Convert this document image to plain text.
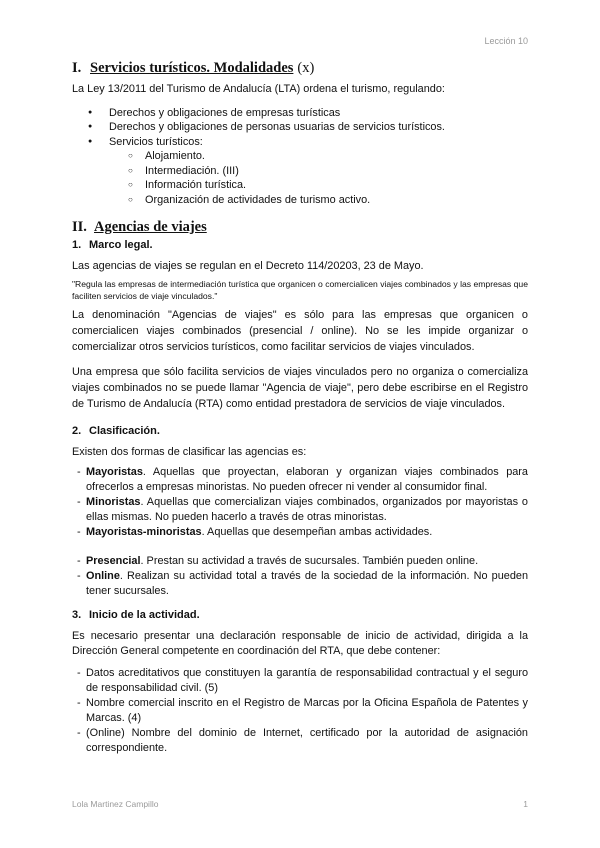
Lección 10
I. Servicios turísticos. Modalidades (x)

La Ley 13/2011 del Turismo de Andalucía (LTA) ordena el turismo, regulando:

● Derechos y obligaciones de empresas turísticas
● Derechos y obligaciones de personas usuarias de servicios turísticos.
● Servicios turísticos:
○ Alojamiento.
○ Intermediación. (III)
○ Información turística.
○ Organización de actividades de turismo activo.
II. Agencias de viajes
1. Marco legal.

Las agencias de viajes se regulan en el Decreto 114/20203, 23 de Mayo.

"Regula las empresas de intermediación turística que organicen o comercialicen viajes combinados y las empresas que faciliten servicios de viaje vinculados."

La denominación "Agencias de viajes" es sólo para las empresas que organicen o comercialicen viajes combinados (presencial / online). No se les impide organizar o comercializar otros servicios turísticos, como facilitar servicios de viajes vinculados.

Una empresa que sólo facilita servicios de viajes vinculados pero no organiza o comercializa viajes combinados no se puede llamar "Agencia de viaje", pero debe escribirse en el Registro de Turismo de Andalucía (RTA) como entidad prestadora de servicios de viaje vinculados.

2. Clasificación.

Existen dos formas de clasificar las agencias es:

- Mayoristas. Aquellas que proyectan, elaboran y organizan viajes combinados para ofrecerlos a empresas minoristas. No pueden ofrecer ni vender al consumidor final.
- Minoristas. Aquellas que comercializan viajes combinados, organizados por mayoristas o ellas mismas. No pueden hacerlo a través de otras minoristas.
- Mayoristas-minoristas. Aquellas que desempeñan ambas actividades.
- Presencial. Prestan su actividad a través de sucursales. También pueden online.
- Online. Realizan su actividad total a través de la sociedad de la información. No pueden tener sucursales.
3. Inicio de la actividad.

Es necesario presentar una declaración responsable de inicio de actividad, dirigida a la Dirección General competente en coordinación del RTA, que debe contener:

- Datos acreditativos que constituyen la garantía de responsabilidad contractual y el seguro de responsabilidad civil. (5)
- Nombre comercial inscrito en el Registro de Marcas por la Oficina Española de Patentes y Marcas. (4)
- (Online) Nombre del dominio de Internet, certificado por la autoridad de asignación correspondiente.
Lola Martinez Campillo	1
